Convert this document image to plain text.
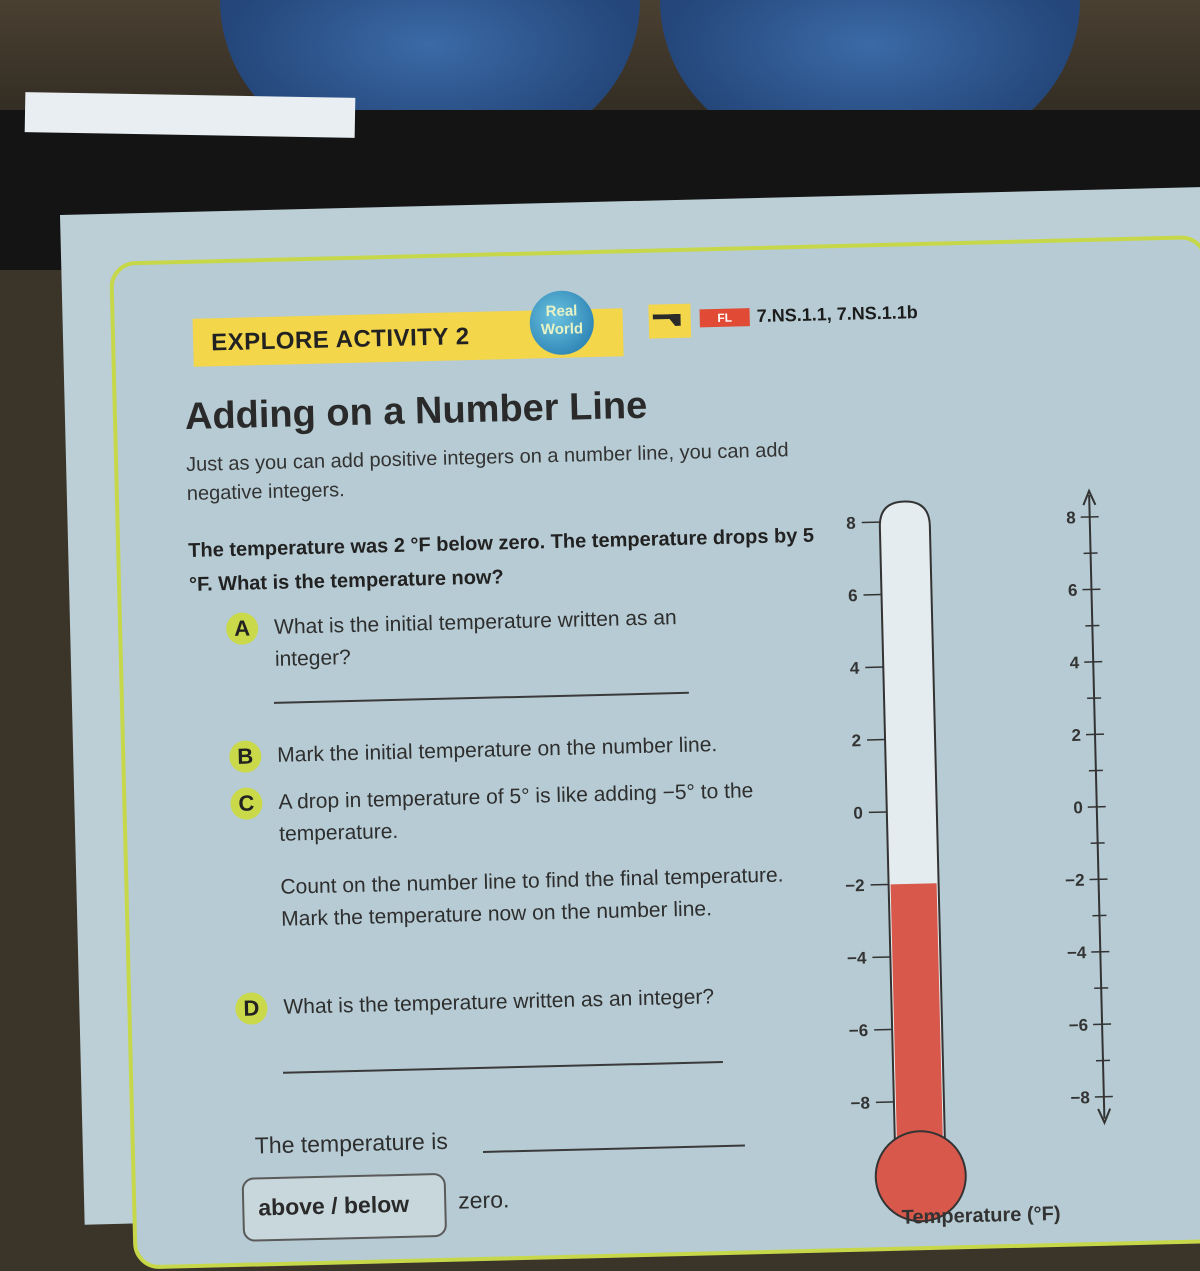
EXPLORE ACTIVITY 2
Real World
FL	7.NS.1.1, 7.NS.1.1b
Adding on a Number Line
Just as you can add positive integers on a number line, you can add negative integers.
The temperature was 2 °F below zero. The temperature drops by 5 °F. What is the temperature now?
A	What is the initial temperature written as an integer?
B	Mark the initial temperature on the number line.
C	A drop in temperature of 5° is like adding −5° to the temperature.
Count on the number line to find the final temperature. Mark the temperature now on the number line.
D	What is the temperature written as an integer?
The temperature is
above / below zero.
8
6
4
2
0
−2
−4
−6
−8
8
6
4
2
0
−2
−4
−6
−8
Temperature (°F)
